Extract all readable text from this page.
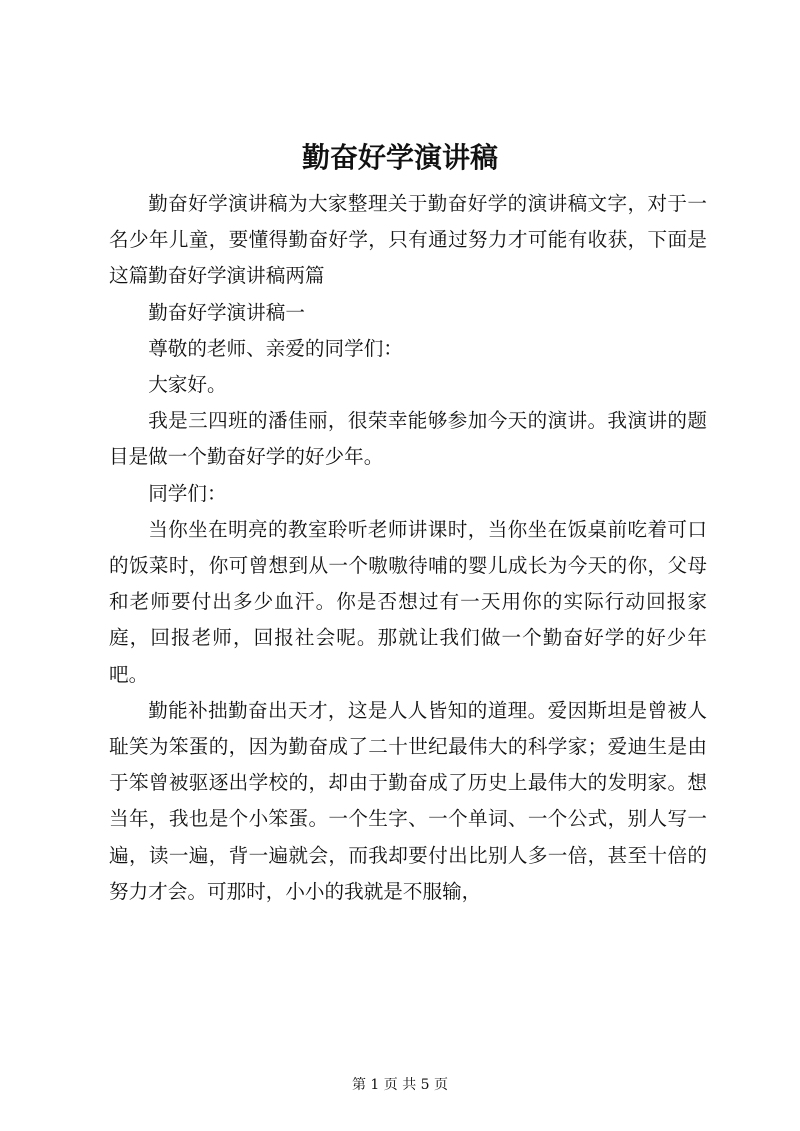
勤奋好学演讲稿

勤奋好学演讲稿为大家整理关于勤奋好学的演讲稿文字，对于一名少年儿童，要懂得勤奋好学，只有通过努力才可能有收获，下面是这篇勤奋好学演讲稿两篇

勤奋好学演讲稿一

尊敬的老师、亲爱的同学们：

大家好。

我是三四班的潘佳丽，很荣幸能够参加今天的演讲。我演讲的题目是做一个勤奋好学的好少年。

同学们：

当你坐在明亮的教室聆听老师讲课时，当你坐在饭桌前吃着可口的饭菜时，你可曾想到从一个嗷嗷待哺的婴儿成长为今天的你，父母和老师要付出多少血汗。你是否想过有一天用你的实际行动回报家庭，回报老师，回报社会呢。那就让我们做一个勤奋好学的好少年吧。

勤能补拙勤奋出天才，这是人人皆知的道理。爱因斯坦是曾被人耻笑为笨蛋的，因为勤奋成了二十世纪最伟大的科学家；爱迪生是由于笨曾被驱逐出学校的，却由于勤奋成了历史上最伟大的发明家。想当年，我也是个小笨蛋。一个生字、一个单词、一个公式，别人写一遍，读一遍，背一遍就会，而我却要付出比别人多一倍，甚至十倍的努力才会。可那时，小小的我就是不服输，

第 1 页 共 5 页
